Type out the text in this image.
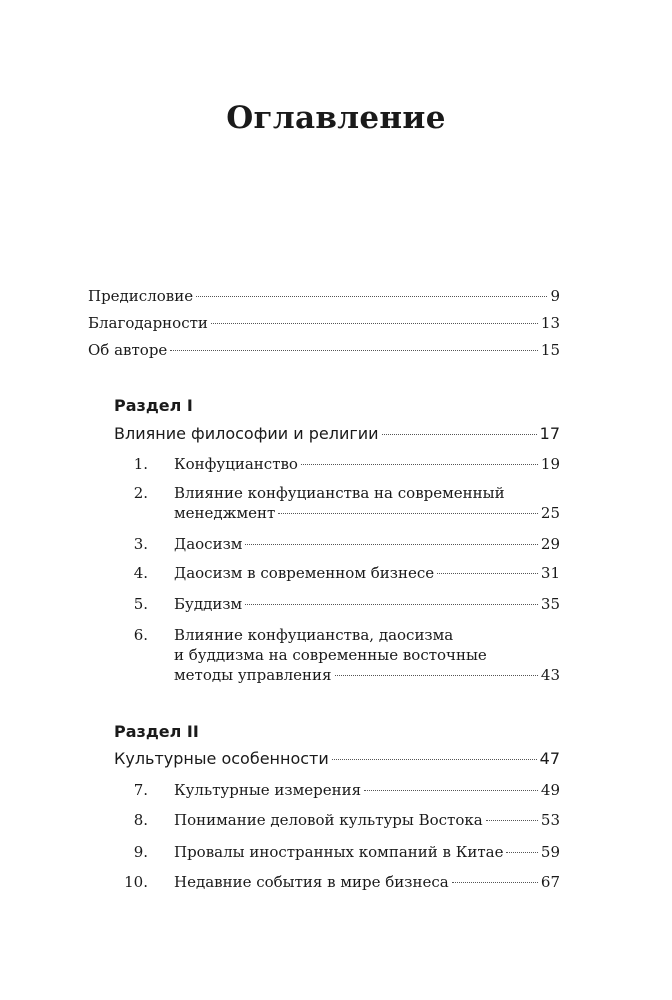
Оглавление
Предисловие	9
Благодарности	13
Об авторе	15
Раздел I
Влияние философии и религии	17
1. Конфуцианство	19
2. Влияние конфуцианства на современный
менеджмент	25
3. Даосизм	29
4. Даосизм в современном бизнесе	31
5. Буддизм	35
6. Влияние конфуцианства, даосизма
и буддизма на современные восточные
методы управления	43
Раздел II
Культурные особенности	47
7. Культурные измерения	49
8. Понимание деловой культуры Востока	53
9. Провалы иностранных компаний в Китае 59
10. Недавние события в мире бизнеса	67
